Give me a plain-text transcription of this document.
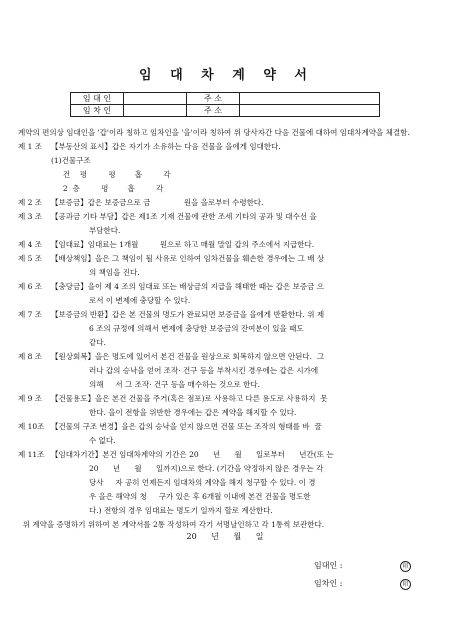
임 대 차 계 약 서
임 대 인		주 소	
임 차 인		주 소	
계약의 편의상 임대인을 '갑'이라 칭하고 임차인을 '을'이라 칭하여 위 당사자간 다음 건물에 대하여 임대차계약을 체결함.
제 1 조	【부동산의 표시】갑은 자기가 소유하는 다음 건물을 을에게 임대한다.
(1)건물구조
건    평         평        홉         각
2  층         평        홉         각
제 2 조	【보증금】갑은 보증금으로 금              원을 을로부터 수령한다.
제 3 조	【공과금 기타 부담】갑은 제1조 기재 건물에 관한 조세 기타의 공과 및 대수선 을
부담한다.
제 4 조	【임대료】임대료는 1개월         원으로 하고 매월 말일 갑의 주소에서 지급한다.
제 5 조	【배상책임】을은 그 책임이 될 사유로 인하여 임차건물을 훼손한 경우에는 그 배 상
의 책임을 진다.
제 6 조	【충당금】을이 제 4 조의 임대료 또는 배상금의 지급을 해태한 때는 갑은 보증금 으
로서 이 변제에 충당할 수 있다.
제 7 조	【보증금의 반환】갑은 본 건물의 명도가 완료되면 보증금을 을에게 반환한다. 위 제
6 조의 규정에 의해서 변제에 충당한 보증금의 잔여분이 있을 때도
같다.
제 8 조	【원상회복】을은 명도에 있어서 본건 건물을 원상으로 회복하지 않으면 안된다.  그
러나 갑의 승낙을 얻어 조작· 건구 등을 부착시킨 경우에는 갑은 시가에
의해     서 그 조작· 건구 등을 매수하는 것으로 한다.
제 9 조	【건물용도】을은 본건 건물을 주거(혹은 점포)로 사용하고 다른 용도로 사용하지  못
한다. 을이 전항을 위반한 경우에는 갑은 계약을 해지할 수 있다.
제 10조 【건물의 구조 변경】을은 갑의 승낙을 얻지 않으면 건물 또는 조작의 형태를 바  꿀
수 없다.
제 11조 【임대차기간】본건 임대차계약의 기간은 20      년      월      일로부터      년간(또 는
20      년      월      일까지)으로 한다. (기간을 약정하지 않은 경우는 각
당사     자 공히 언제든지 임대차의 계약을 해지 청구할 수 있다. 이 경
우 을은 해약의 청     구가 있은 후 6개월 이내에 본건 건물을 명도한
다.) 전항의 경우 임대료는 명도기 일까지 할로 계산한다.
위 계약을 증명하기 위하여 본 계약서를 2통 작성하여 각기 서명날인하고 각 1통씩 보관한다.
20 년 월 일
임대인 :	印
임차인 :	印
